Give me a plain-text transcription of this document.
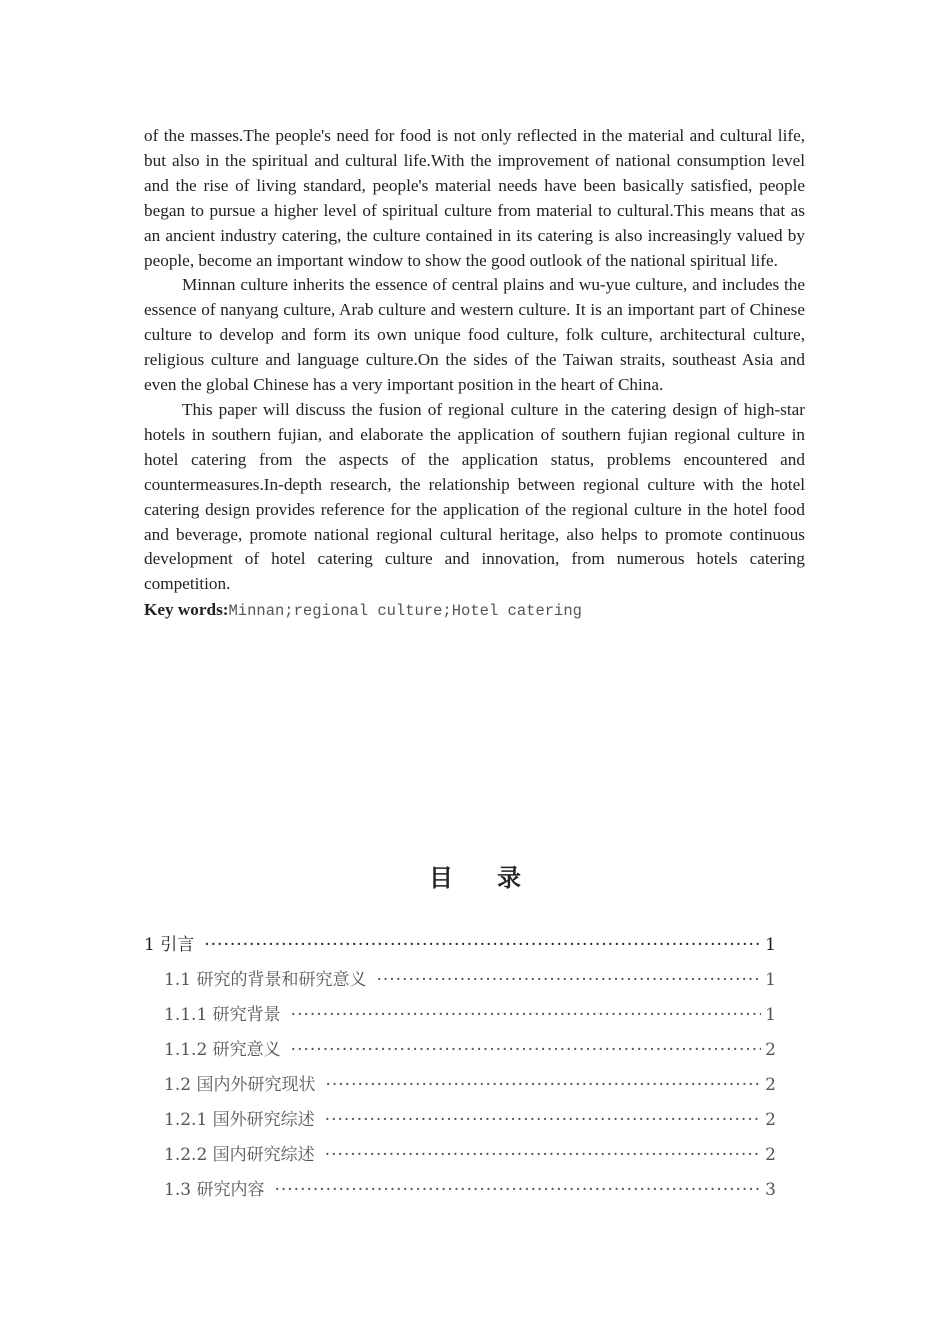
of the masses.The people's need for food is not only reflected in the material and cultural life, but also in the spiritual and cultural life.With the improvement of national consumption level and the rise of living standard, people's material needs have been basically satisfied, people began to pursue a higher level of spiritual culture from material to cultural.This means that as an ancient industry catering, the culture contained in its catering is also increasingly valued by people, become an important window to show the good outlook of the national spiritual life.

Minnan culture inherits the essence of central plains and wu-yue culture, and includes the essence of nanyang culture, Arab culture and western culture. It is an important part of Chinese culture to develop and form its own unique food culture, folk culture, architectural culture, religious culture and language culture.On the sides of the Taiwan straits, southeast Asia and even the global Chinese has a very important position in the heart of China.

This paper will discuss the fusion of regional culture in the catering design of high-star hotels in southern fujian, and elaborate the application of southern fujian regional culture in hotel catering from the aspects of the application status, problems encountered and countermeasures.In-depth research, the relationship between regional culture with the hotel catering design provides reference for the application of the regional culture in the hotel food and beverage, promote national regional cultural heritage, also helps to promote continuous development of hotel catering culture and innovation, from numerous hotels catering competition.

Key words:Minnan;regional culture;Hotel catering
目录
1 引言 ·····	1
1.1 研究的背景和研究意义 ·····	1
1.1.1 研究背景 ·····	1
1.1.2 研究意义 ·····	2
1.2 国内外研究现状 ·····	2
1.2.1 国外研究综述 ·····	2
1.2.2 国内研究综述 ·····	2
1.3 研究内容 ·····	3
